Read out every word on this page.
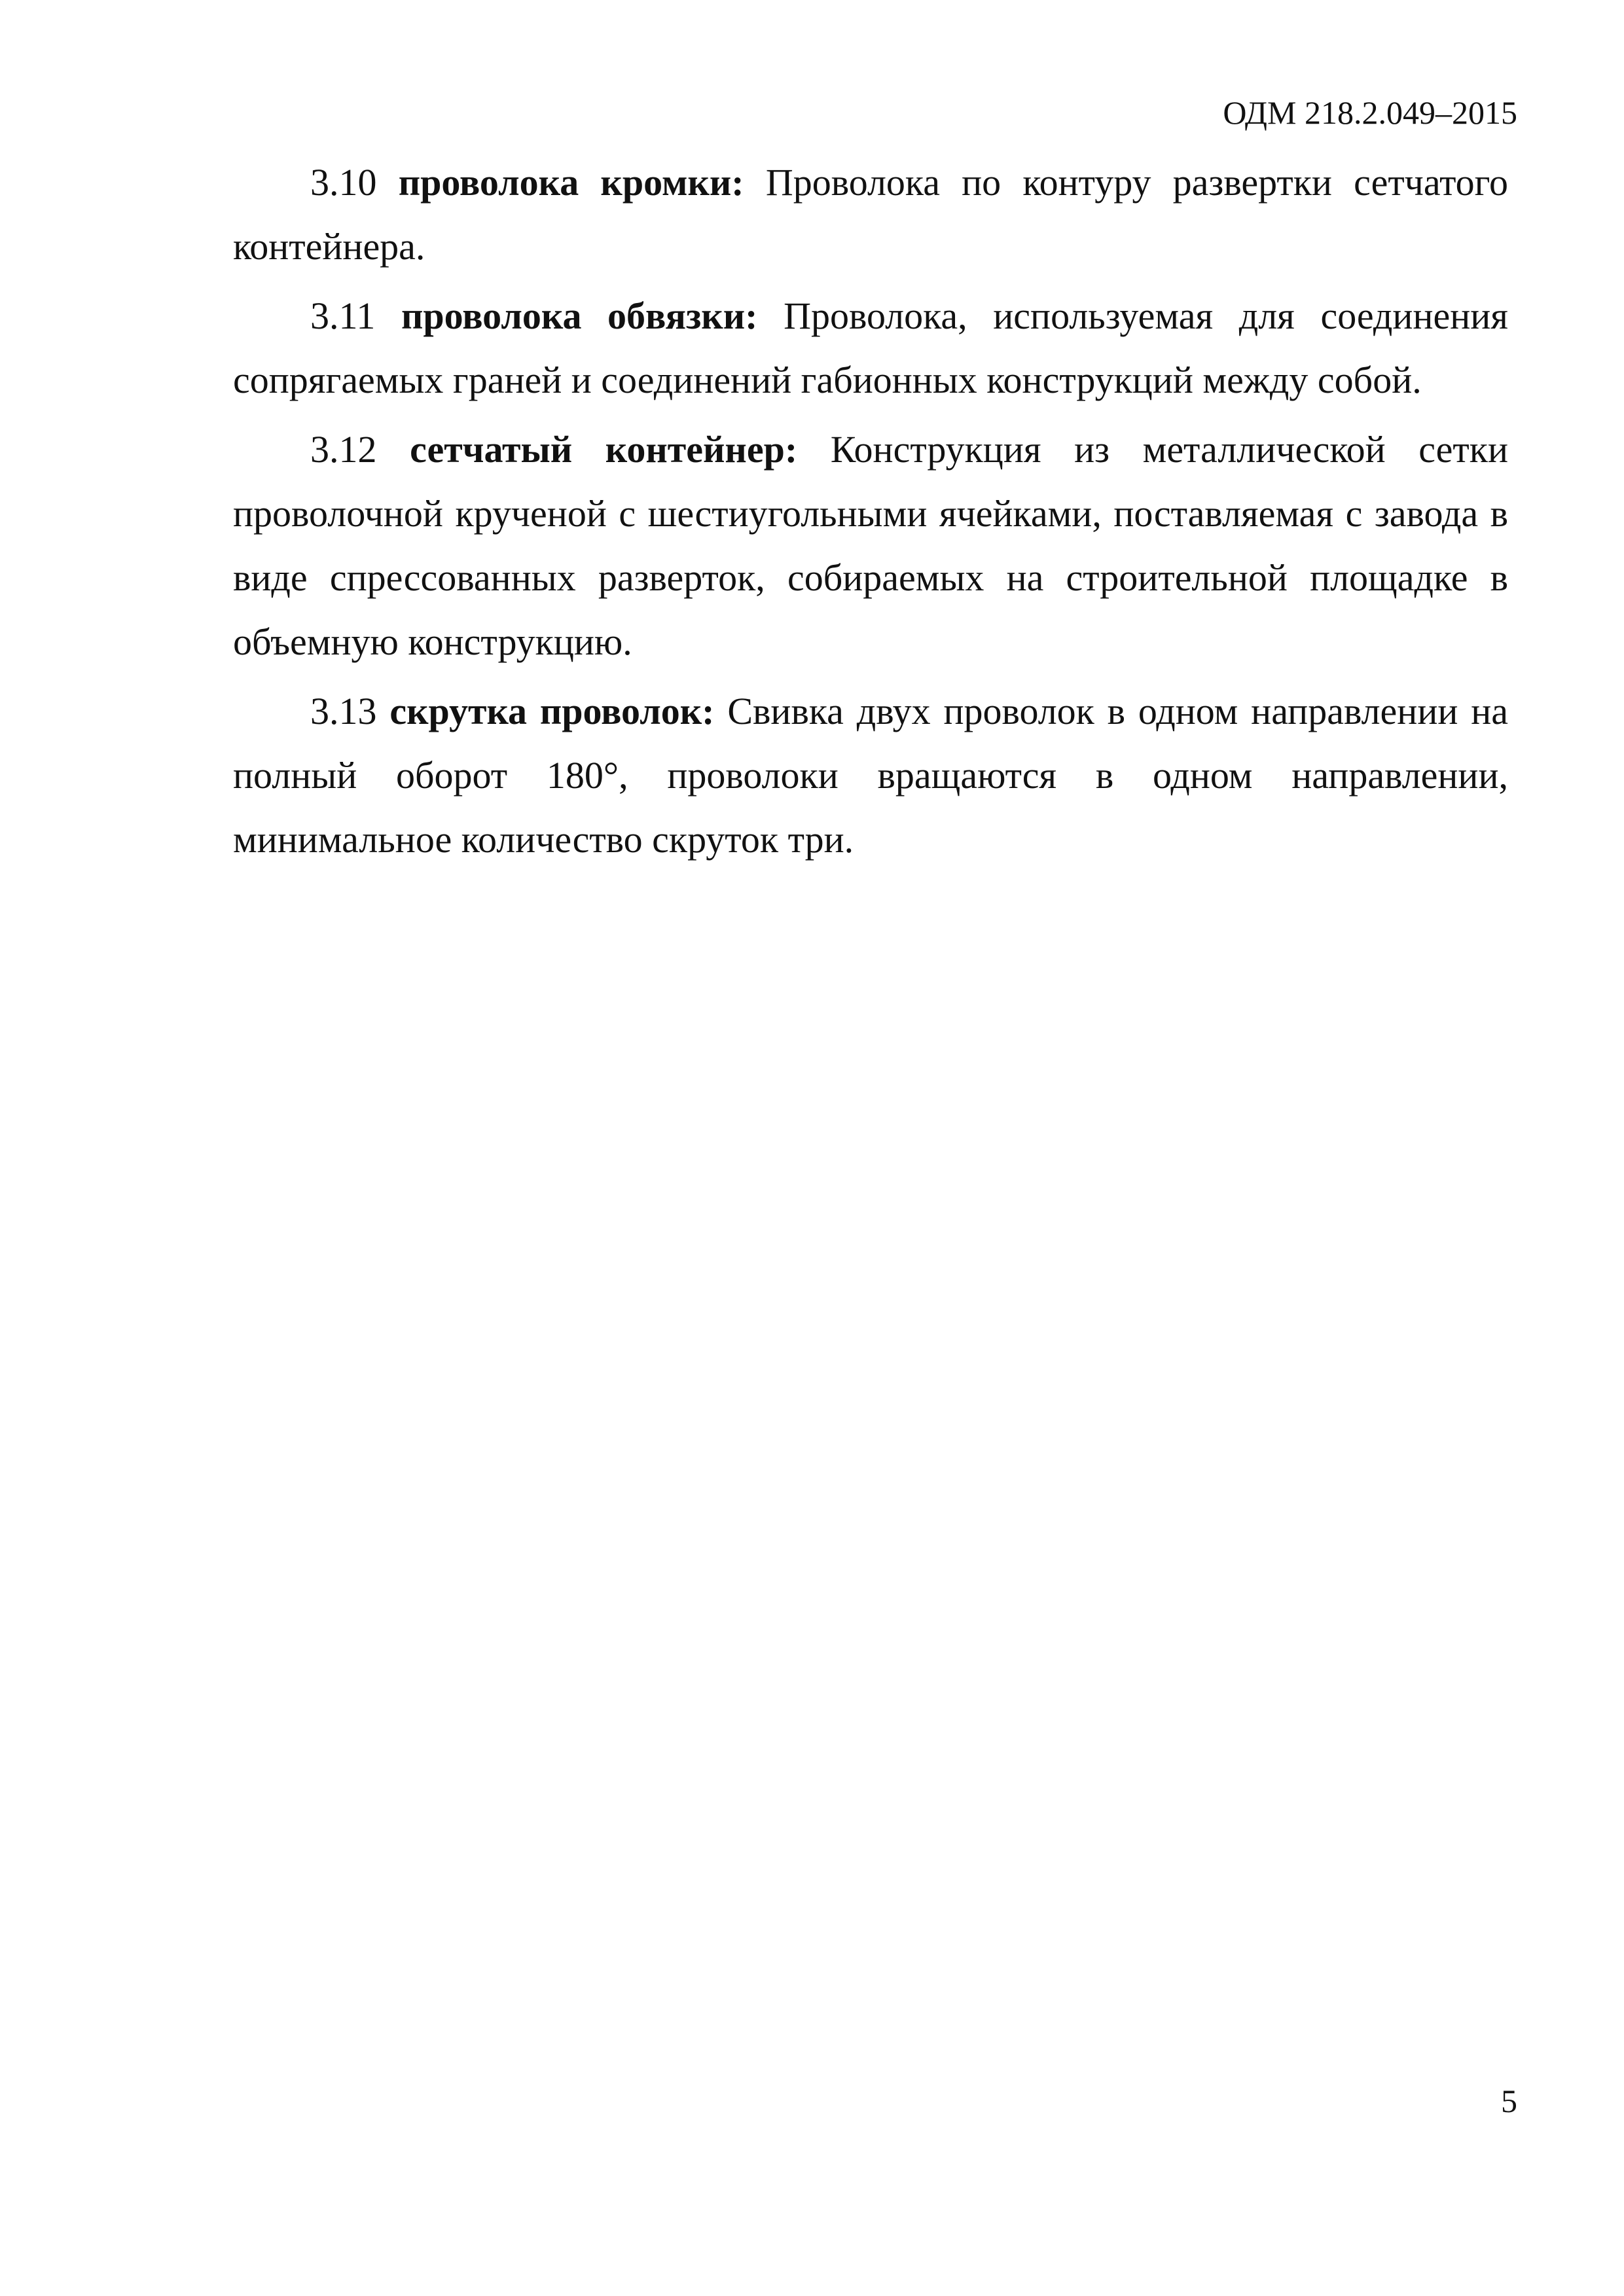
ОДМ 218.2.049–2015

3.10 проволока кромки: Проволока по контуру развертки сетчатого контейнера.

3.11 проволока обвязки: Проволока, используемая для соединения сопрягаемых граней и соединений габионных конструкций между собой.

3.12 сетчатый контейнер: Конструкция из металлической сетки проволочной крученой с шестиугольными ячейками, поставляемая с завода в виде спрессованных разверток, собираемых на строительной площадке в объемную конструкцию.

3.13 скрутка проволок: Свивка двух проволок в одном направлении на полный оборот 180°, проволоки вращаются в одном направлении, минимальное количество скруток три.

5
